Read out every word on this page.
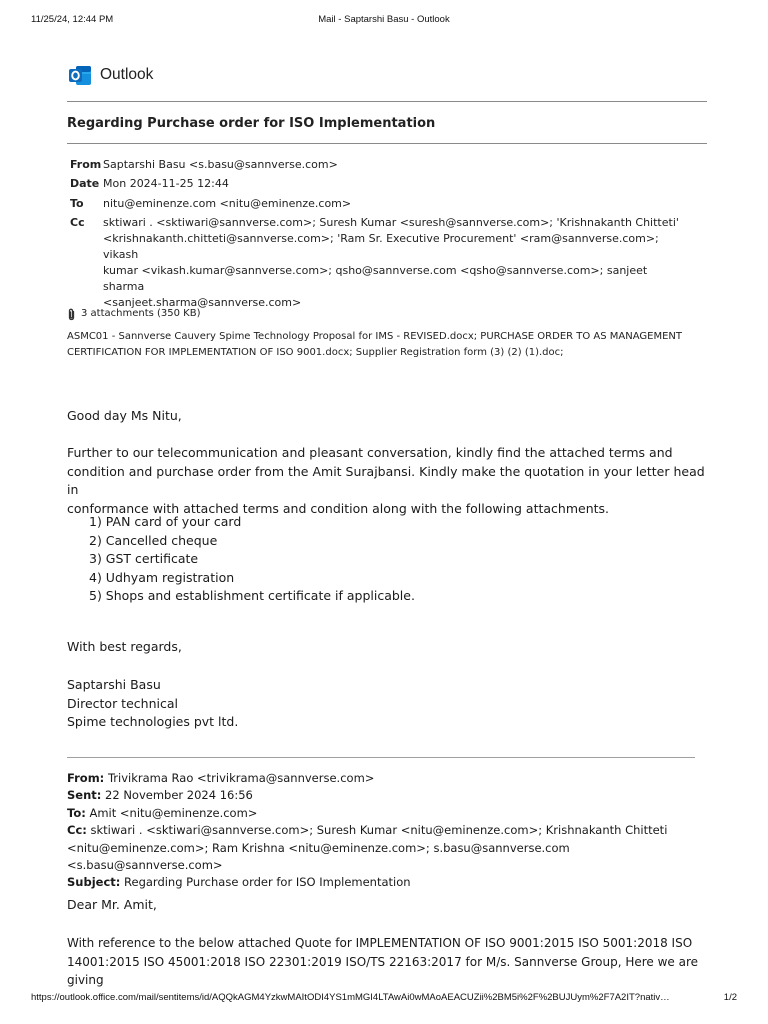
11/25/24, 12:44 PM	Mail - Saptarshi Basu - Outlook
Outlook
Regarding Purchase order for ISO Implementation
From Saptarshi Basu <s.basu@sannverse.com>
Date Mon 2024-11-25 12:44
To	nitu@eminenze.com <nitu@eminenze.com>
Cc	sktiwari . <sktiwari@sannverse.com>; Suresh Kumar <suresh@sannverse.com>; 'Krishnakanth Chitteti'
<krishnakanth.chitteti@sannverse.com>; 'Ram Sr. Executive Procurement' <ram@sannverse.com>; vikash
kumar <vikash.kumar@sannverse.com>; qsho@sannverse.com <qsho@sannverse.com>; sanjeet sharma
<sanjeet.sharma@sannverse.com>
3 attachments (350 KB)
ASMC01 - Sannverse Cauvery Spime Technology Proposal for IMS - REVISED.docx; PURCHASE ORDER TO AS MANAGEMENT
CERTIFICATION FOR IMPLEMENTATION OF ISO 9001.docx; Supplier Registration form (3) (2) (1).doc;
Good day Ms Nitu,
Further to our telecommunication and pleasant conversation, kindly find the attached terms and
condition and purchase order from the Amit Surajbansi. Kindly make the quotation in your letter head in
conformance with attached terms and condition along with the following attachments.
1) PAN card of your card
2) Cancelled cheque
3) GST certificate
4) Udhyam registration
5) Shops and establishment certificate if applicable.
With best regards,
Saptarshi Basu
Director technical
Spime technologies pvt ltd.
From: Trivikrama Rao <trivikrama@sannverse.com>
Sent: 22 November 2024 16:56
To: Amit <nitu@eminenze.com>
Cc: sktiwari . <sktiwari@sannverse.com>; Suresh Kumar <nitu@eminenze.com>; Krishnakanth Chitteti
<nitu@eminenze.com>; Ram Krishna <nitu@eminenze.com>; s.basu@sannverse.com <s.basu@sannverse.com>
Subject: Regarding Purchase order for ISO Implementation
Dear Mr. Amit,
With reference to the below attached Quote for IMPLEMENTATION OF ISO 9001:2015 ISO 5001:2018 ISO
14001:2015 ISO 45001:2018 ISO 22301:2019 ISO/TS 22163:2017 for M/s. Sannverse Group, Here we are giving
https://outlook.office.com/mail/sentitems/id/AQQkAGM4YzkwMAItODI4YS1mMGI4LTAwAi0wMAoAEACUZii%2BM5i%2F%2BUJUym%2F7A2IT?nativ…	1/2
